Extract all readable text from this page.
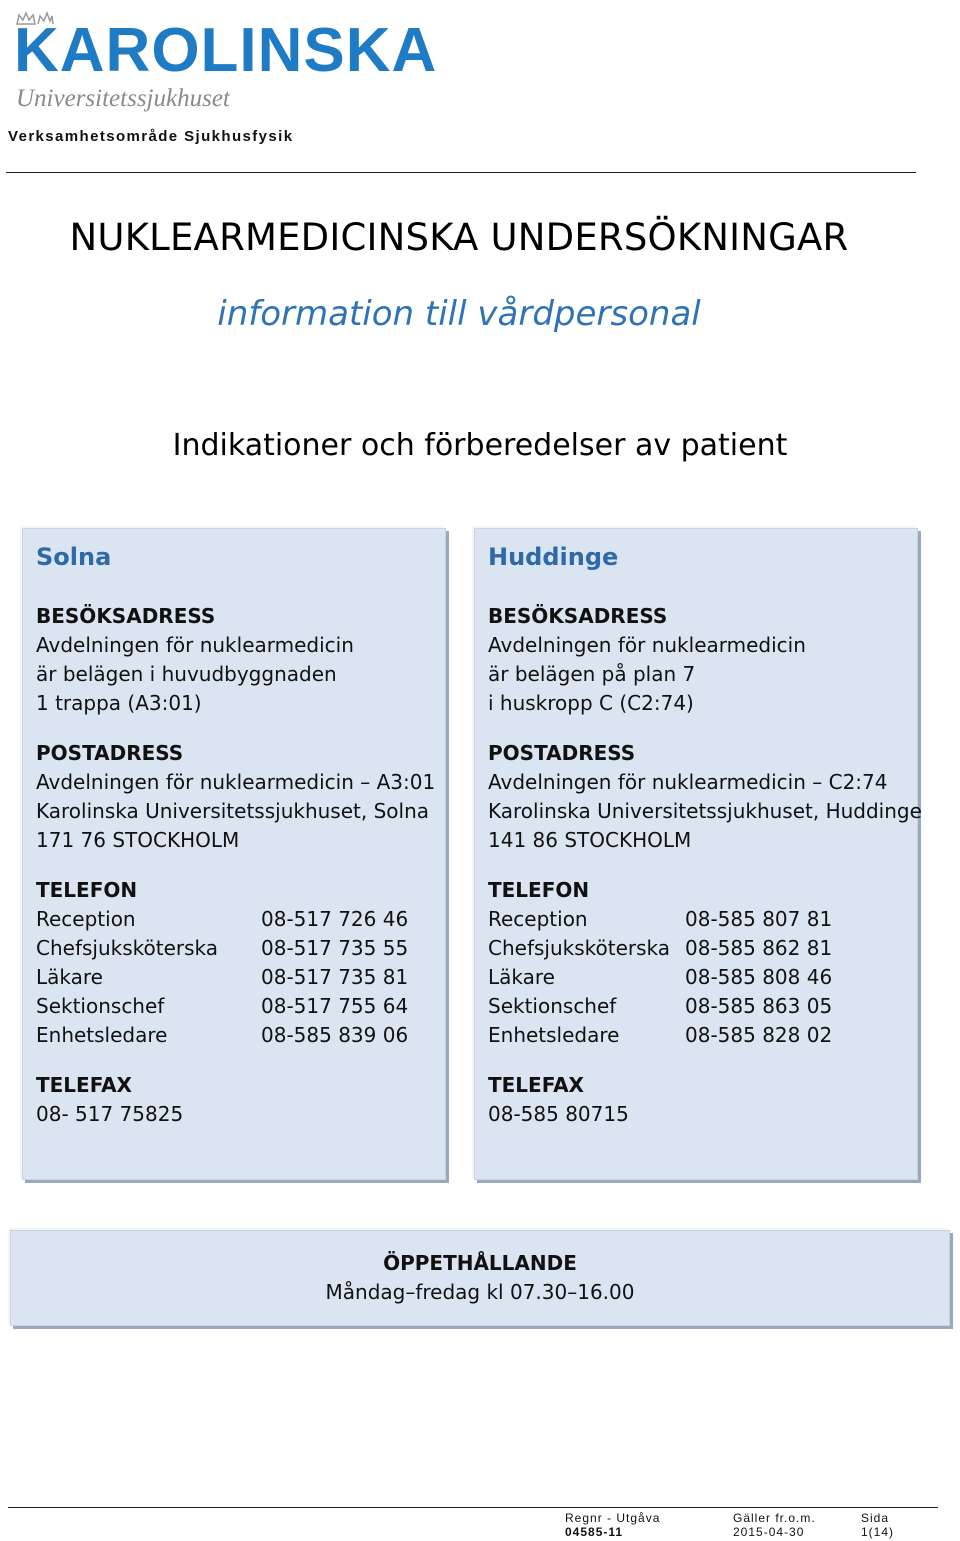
KAROLINSKA
Universitetssjukhuset
Verksamhetsområde Sjukhusfysik
NUKLEARMEDICINSKA UNDERSÖKNINGAR
information till vårdpersonal
Indikationer och förberedelser av patient
Solna
BESÖKSADRESS
Avdelningen för nuklearmedicin
är belägen i huvudbyggnaden
1 trappa (A3:01)
POSTADRESS
Avdelningen för nuklearmedicin – A3:01
Karolinska Universitetssjukhuset, Solna
171 76 STOCKHOLM
TELEFON
Reception	08-517 726 46
Chefsjuksköterska	08-517 735 55
Läkare	08-517 735 81
Sektionschef	08-517 755 64
Enhetsledare	08-585 839 06
TELEFAX
08- 517 75825
Huddinge
BESÖKSADRESS
Avdelningen för nuklearmedicin
är belägen på plan 7
i huskropp C (C2:74)
POSTADRESS
Avdelningen för nuklearmedicin – C2:74
Karolinska Universitetssjukhuset, Huddinge
141 86 STOCKHOLM
TELEFON
Reception	08-585 807 81
Chefsjuksköterska 08-585 862 81
Läkare	08-585 808 46
Sektionschef	08-585 863 05
Enhetsledare	08-585 828 02
TELEFAX
08-585 80715
ÖPPETHÅLLANDE
Måndag–fredag kl 07.30–16.00
Regnr - Utgåva
04585-11
Gäller fr.o.m.
2015-04-30
Sida
1(14)
